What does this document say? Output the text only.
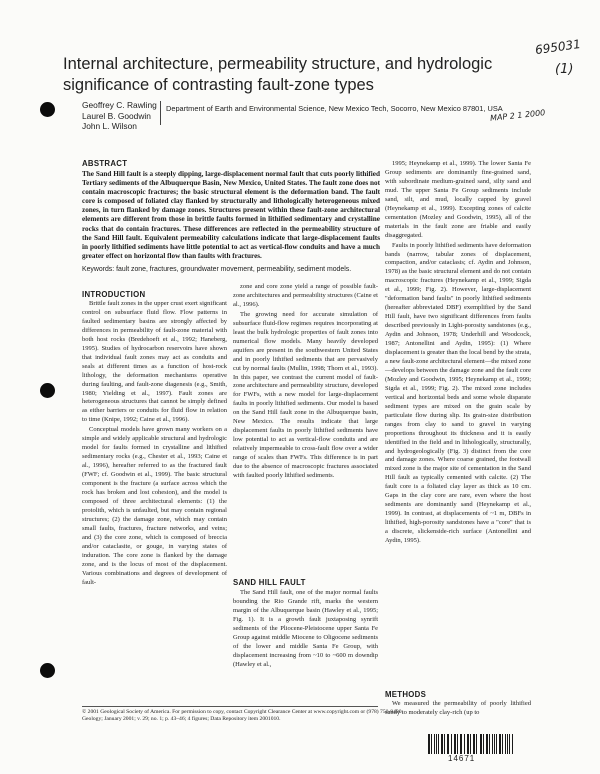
695031
(1)
Internal architecture, permeability structure, and hydrologic significance of contrasting fault-zone types
Geoffrey C. Rawling
Laurel B. Goodwin
John L. Wilson
Department of Earth and Environmental Science, New Mexico Tech, Socorro, New Mexico 87801, USA
MAP 2 1 2000
ABSTRACT

The Sand Hill fault is a steeply dipping, large-displacement normal fault that cuts poorly lithified Tertiary sediments of the Albuquerque Basin, New Mexico, United States. The fault zone does not contain macroscopic fractures; the basic structural element is the deformation band. The fault core is composed of foliated clay flanked by structurally and lithologically heterogeneous mixed zones, in turn flanked by damage zones. Structures present within these fault-zone architectural elements are different from those in brittle faults formed in lithified sedimentary and crystalline rocks that do contain fractures. These differences are reflected in the permeability structure of the Sand Hill fault. Equivalent permeability calculations indicate that large-displacement faults in poorly lithified sediments have little potential to act as vertical-flow conduits and have a much greater effect on horizontal flow than faults with fractures.

Keywords: fault zone, fractures, groundwater movement, permeability, sediment models.

INTRODUCTION

Brittle fault zones in the upper crust exert significant control on subsurface fluid flow. Flow patterns in faulted sedimentary basins are strongly affected by differences in permeability of fault-zone material with both host rocks (Bredehoeft et al., 1992; Haneberg, 1995). Studies of hydrocarbon reservoirs have shown that individual fault zones may act as conduits and seals at different times as a function of host-rock lithology, the deformation mechanisms operative during faulting, and fault-zone diagenesis (e.g., Smith, 1980; Yielding et al., 1997). Fault zones are heterogeneous structures that cannot be simply defined as either barriers or conduits for fluid flow in relation to time (Knipe, 1992; Caine et al., 1996).

Conceptual models have grown many workers on a simple and widely applicable structural and hydrologic model for faults formed in crystalline and lithified sedimentary rocks (e.g., Chester et al., 1993; Caine et al., 1996), hereafter referred to as the fractured fault (FWF; cf. Goodwin et al., 1999). The basic structural component is the fracture (a surface across which the rock has broken and lost cohesion), and the model is composed of three architectural elements: (1) the protolith, which is unfaulted, but may contain regional structures; (2) the damage zone, which may contain small faults, fractures, fracture networks, and veins; and (3) the core zone, which is composed of breccia and/or cataclasite, or gouge, in varying states of induration. The core zone is flanked by the damage zone, and is the locus of most of the displacement. Various combinations and degrees of development of fault-

zone and core zone yield a range of possible fault-zone architectures and permeability structures (Caine et al., 1996).

The growing need for accurate simulation of subsurface fluid-flow regimes requires incorporating at least the bulk hydrologic properties of fault zones into numerical flow models. Many heavily developed aquifers are present in the southwestern United States and in poorly lithified sediments that are pervasively cut by normal faults (Mullin, 1998; Thorn et al., 1993). In this paper, we contrast the current model of fault-zone architecture and permeability structure, developed for FWFs, with a new model for large-displacement faults in poorly lithified sediments. Our model is based on the Sand Hill fault zone in the Albuquerque basin, New Mexico. The results indicate that large displacement faults in poorly lithified sediments have low potential to act as vertical-flow conduits and are relatively impermeable to cross-fault flow over a wider range of scales than FWFs. This difference is in part due to the absence of macroscopic fractures associated with faulted poorly lithified sediments.

SAND HILL FAULT

The Sand Hill fault, one of the major normal faults bounding the Rio Grande rift, marks the western margin of the Albuquerque basin (Hawley et al., 1995; Fig. 1). It is a growth fault juxtaposing synrift sediments of the Pliocene-Pleistocene upper Santa Fe Group against middle Miocene to Oligocene sediments of the lower and middle Santa Fe Group, with displacement increasing from ~10 to ~600 m downdip (Hawley et al.,

1995; Heynekamp et al., 1999). The lower Santa Fe Group sediments are dominantly fine-grained sand, with subordinate medium-grained sand, silty sand and mud. The upper Santa Fe Group sediments include sand, silt, and mud, locally capped by gravel (Heynekamp et al., 1999). Excepting zones of calcite cementation (Mozley and Goodwin, 1995), all of the materials in the fault zone are friable and easily disaggregated.

Faults in poorly lithified sediments have deformation bands (narrow, tabular zones of displacement, compaction, and/or cataclasis; cf. Aydin and Johnson, 1978) as the basic structural element and do not contain macroscopic fractures (Heynekamp et al., 1999; Sigda et al., 1999; Fig. 2). However, large-displacement "deformation band faults" in poorly lithified sediments (hereafter abbreviated DBF) exemplified by the Sand Hill fault, have two significant differences from faults described previously in Light-porosity sandstones (e.g., Aydin and Johnson, 1978; Underhill and Woodcock, 1987; Antonellini and Aydin, 1995): (1) Where displacement is greater than the local bend by the strata, a new fault-zone architectural element—the mixed zone—develops between the damage zone and the fault core (Mozley and Goodwin, 1995; Heynekamp et al., 1999; Sigda et al., 1999; Fig. 2). The mixed zone includes vertical and horizontal beds and some whole disparate sediment types are mixed on the grain scale by particulate flow during slip. Its grain-size distribution ranges from clay to sand to gravel in varying proportions throughout its thickness and it is easily identified in the field and in lithologically, structurally, and hydrogeologically (Fig. 3) distinct from the core and damage zones. Where coarse grained, the footwall mixed zone is the major site of cementation in the Sand Hill fault as typically cemented with calcite. (2) The fault core is a foliated clay layer as thick as 10 cm. Gaps in the clay core are rare, even where the host sediments are dominantly sand (Heynekamp et al., 1999). In contrast, at displacements of ~1 m, DBFs in lithified, high-porosity sandstones have a "core" that is a discrete, slickenside-rich surface (Antonellini and Aydin, 1995).

METHODS

We measured the permeability of poorly lithified sandy to moderately clay-rich (up to

© 2001 Geological Society of America. For permission to copy, contact Copyright Clearance Center at www.copyright.com or (978) 750-8400.
Geology; January 2001; v. 29; no. 1; p. 43–46; 4 figures; Data Repository item 2001010.
14671
